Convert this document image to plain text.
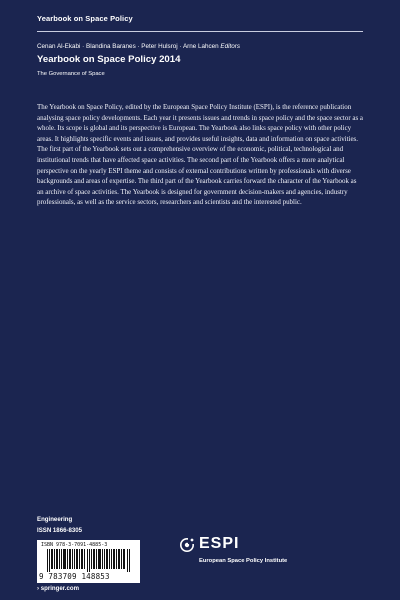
Yearbook on Space Policy
Cenan Al-Ekabi · Blandina Baranes · Peter Hulsroj · Arne Lahcen Editors
Yearbook on Space Policy 2014
The Governance of Space

The Yearbook on Space Policy, edited by the European Space Policy Institute (ESPI), is the reference publication analysing space policy developments. Each year it presents issues and trends in space policy and the space sector as a whole. Its scope is global and its perspective is European. The Yearbook also links space policy with other policy areas. It highlights specific events and issues, and provides useful insights, data and information on space activities. The first part of the Yearbook sets out a comprehensive overview of the economic, political, technological and institutional trends that have affected space activities. The second part of the Yearbook offers a more analytical perspective on the yearly ESPI theme and consists of external contributions written by professionals with diverse backgrounds and areas of expertise. The third part of the Yearbook carries forward the character of the Yearbook as an archive of space activities. The Yearbook is designed for government decision-makers and agencies, industry professionals, as well as the service sectors, researchers and scientists and the interested public.

Engineering
ISSN 1866-8305
ISBN 978-3-7091-4885-3
9 783709 148853
› springer.com
ESPI
European Space Policy Institute
